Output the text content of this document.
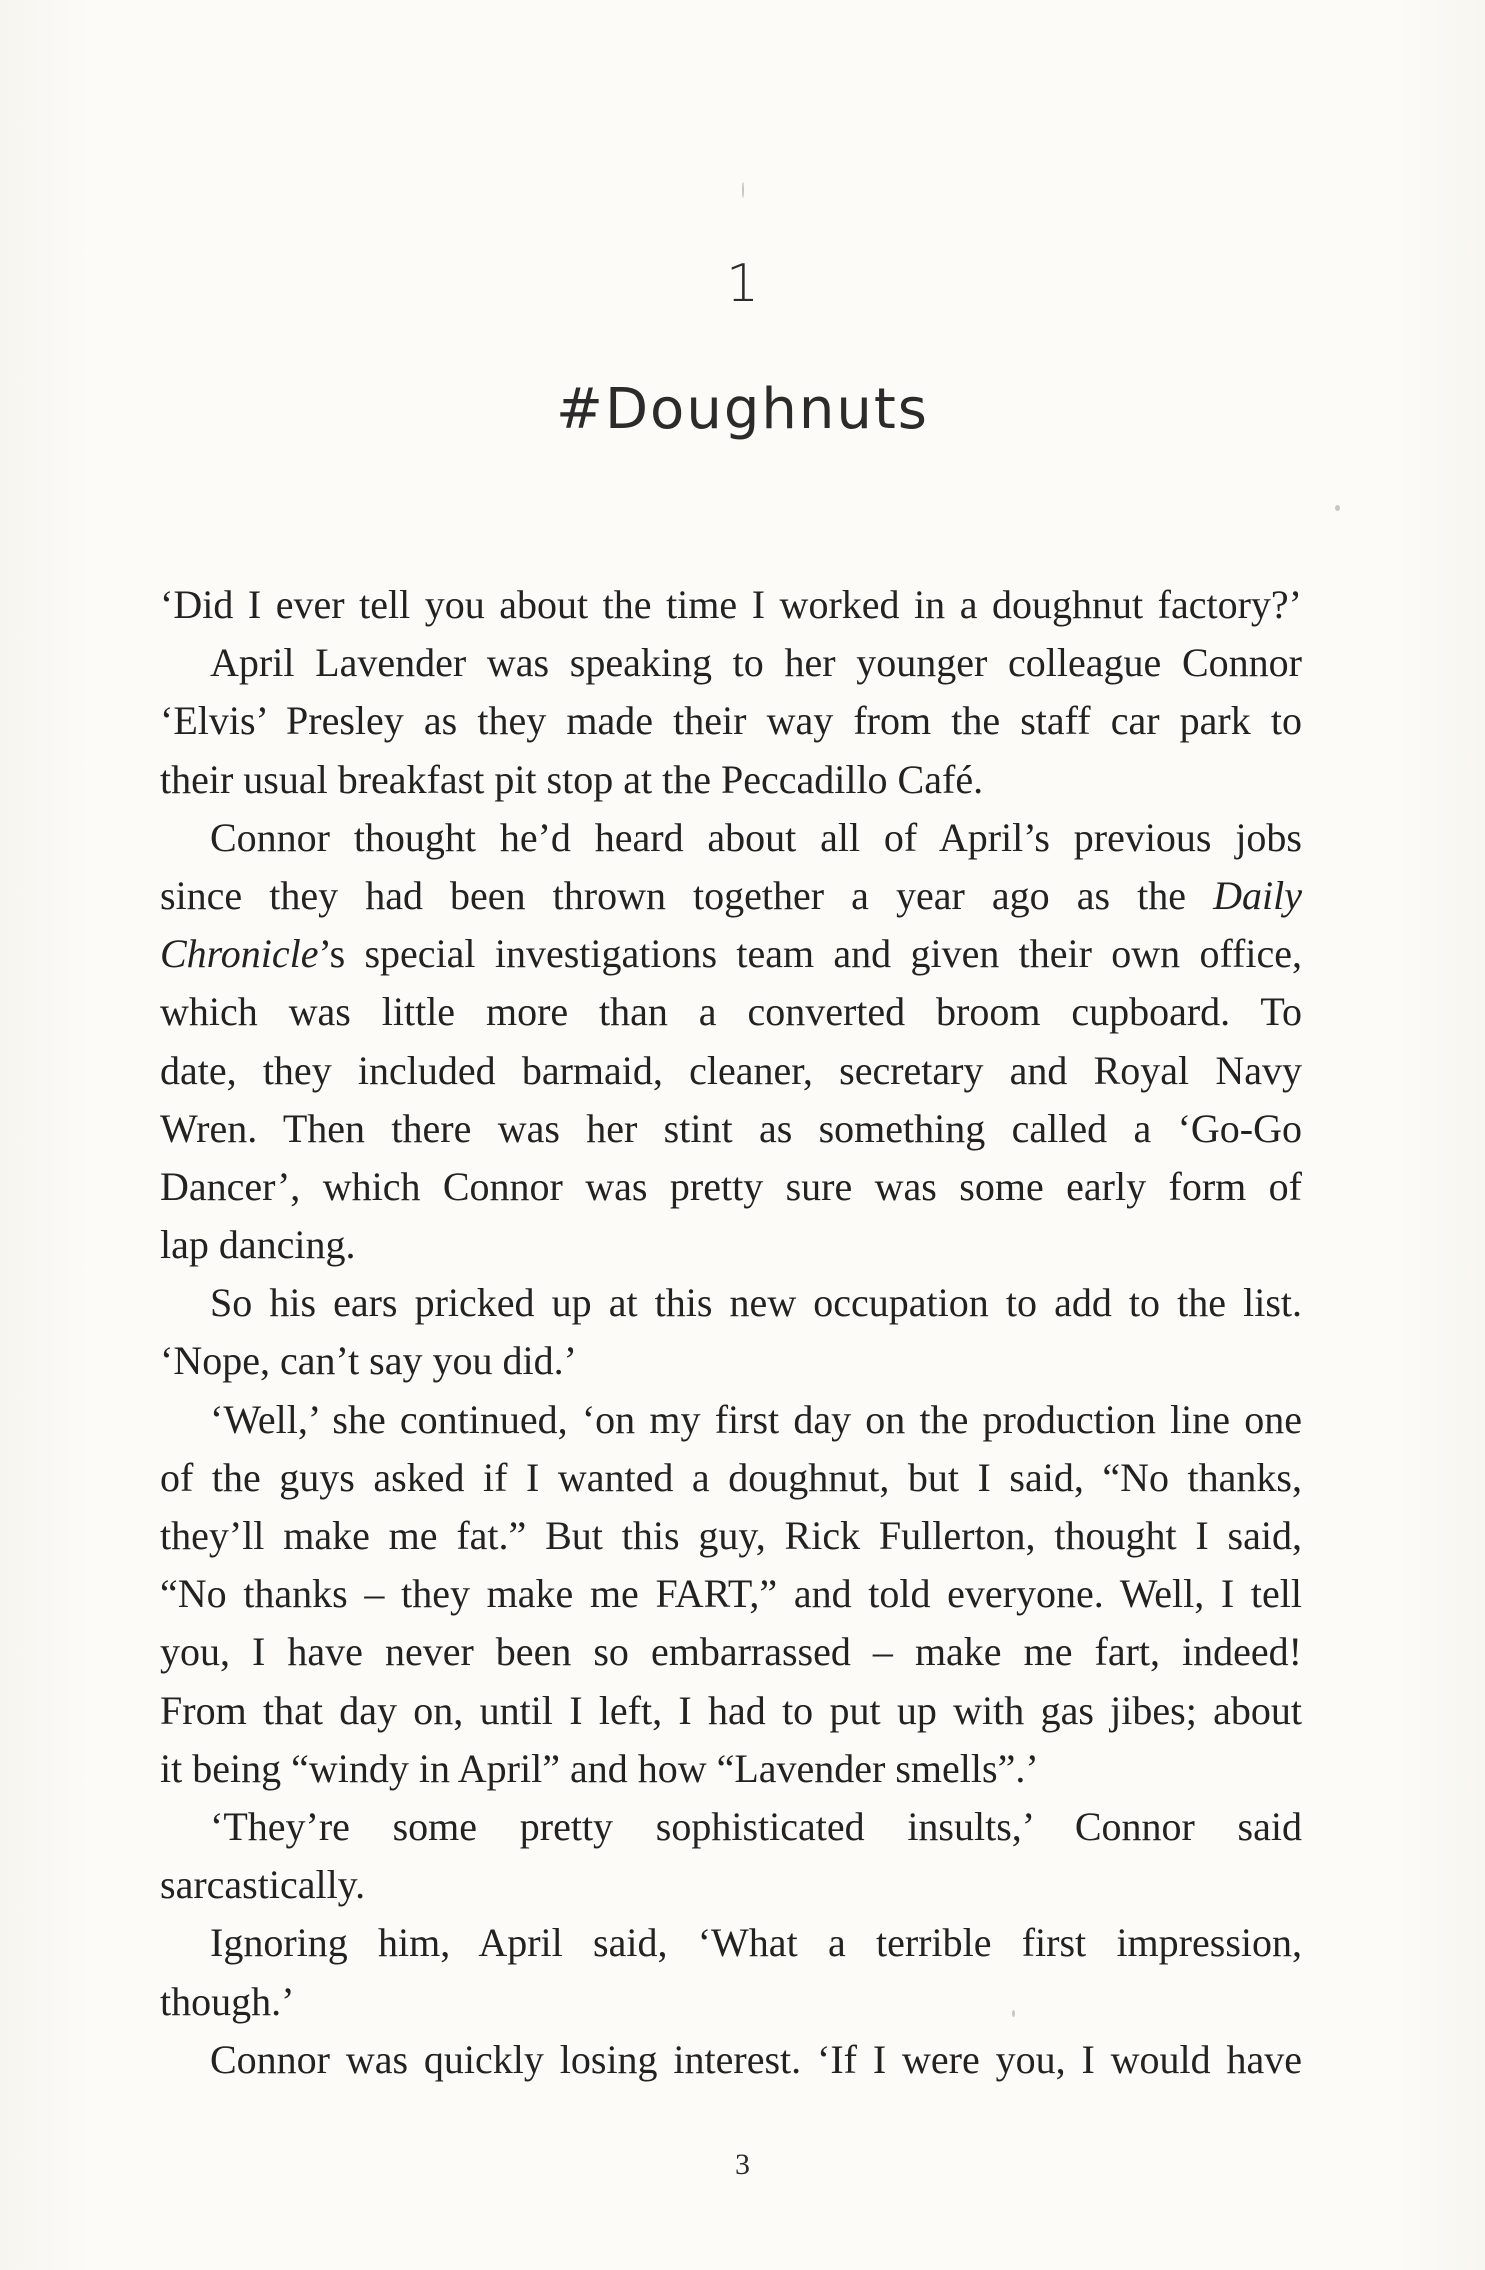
1
#Doughnuts
‘Did I ever tell you about the time I worked in a doughnut factory?’
April Lavender was speaking to her younger colleague Connor
‘Elvis’ Presley as they made their way from the staff car park to
their usual breakfast pit stop at the Peccadillo Café.
Connor thought he’d heard about all of April’s previous jobs
since they had been thrown together a year ago as the Daily
Chronicle’s special investigations team and given their own office,
which was little more than a converted broom cupboard. To
date, they included barmaid, cleaner, secretary and Royal Navy
Wren. Then there was her stint as something called a ‘Go-Go
Dancer’, which Connor was pretty sure was some early form of
lap dancing.
So his ears pricked up at this new occupation to add to the list.
‘Nope, can’t say you did.’
‘Well,’ she continued, ‘on my first day on the production line one
of the guys asked if I wanted a doughnut, but I said, “No thanks,
they’ll make me fat.” But this guy, Rick Fullerton, thought I said,
“No thanks – they make me FART,” and told everyone. Well, I tell
you, I have never been so embarrassed – make me fart, indeed!
From that day on, until I left, I had to put up with gas jibes; about
it being “windy in April” and how “Lavender smells”.’
‘They’re some pretty sophisticated insults,’ Connor said
sarcastically.
Ignoring him, April said, ‘What a terrible first impression,
though.’
Connor was quickly losing interest. ‘If I were you, I would have
3
